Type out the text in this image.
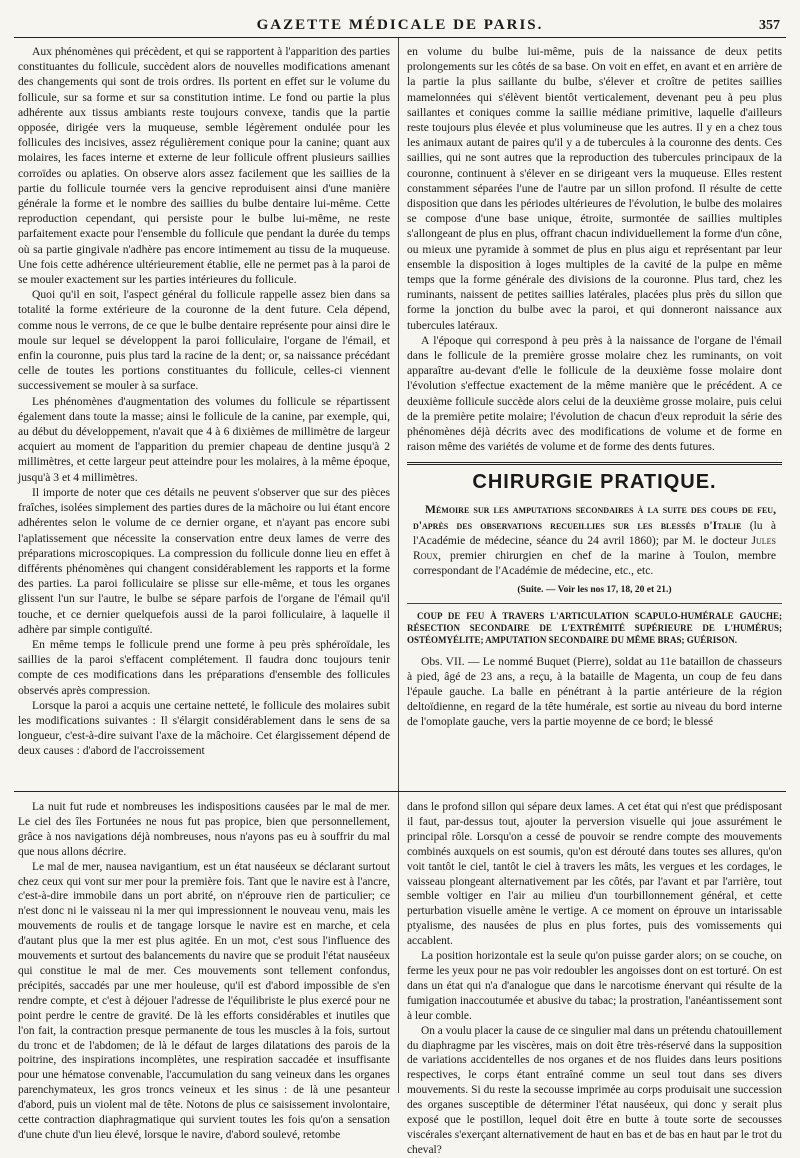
GAZETTE MÉDICALE DE PARIS.	357

Aux phénomènes qui précèdent, et qui se rapportent à l'apparition des parties constituantes du follicule, succèdent alors de nouvelles modifications amenant des changements qui sont de trois ordres. Ils portent en effet sur le volume du follicule, sur sa forme et sur sa constitution intime. Le fond ou partie la plus adhérente aux tissus ambiants reste toujours convexe, tandis que la partie opposée, dirigée vers la muqueuse, semble légèrement ondulée pour les follicules des incisives, assez régulièrement conique pour la canine; quant aux molaires, les faces interne et externe de leur follicule offrent plusieurs saillies corroïdes ou aplaties. On observe alors assez facilement que les saillies de la partie du follicule tournée vers la gencive reproduisent ainsi d'une manière générale la forme et le nombre des saillies du bulbe dentaire lui-même. Cette reproduction cependant, qui persiste pour le bulbe lui-même, ne reste parfaitement exacte pour l'ensemble du follicule que pendant la durée du temps où sa partie gingivale n'adhère pas encore intimement au tissu de la muqueuse. Une fois cette adhérence ultérieurement établie, elle ne permet pas à la paroi de se mouler exactement sur les parties intérieures du follicule.

Quoi qu'il en soit, l'aspect général du follicule rappelle assez bien dans sa totalité la forme extérieure de la couronne de la dent future. Cela dépend, comme nous le verrons, de ce que le bulbe dentaire représente pour ainsi dire le moule sur lequel se développent la paroi folliculaire, l'organe de l'émail, et enfin la couronne, puis plus tard la racine de la dent; or, sa naissance précédant celle de toutes les portions constituantes du follicule, celles-ci viennent successivement se mouler à sa surface.

Les phénomènes d'augmentation des volumes du follicule se répartissent également dans toute la masse; ainsi le follicule de la canine, par exemple, qui, au début du développement, n'avait que 4 à 6 dixièmes de millimètre de largeur acquiert au moment de l'apparition du premier chapeau de dentine jusqu'à 2 millimètres, et cette largeur peut atteindre pour les molaires, à la même époque, jusqu'à 3 et 4 millimètres.

Il importe de noter que ces détails ne peuvent s'observer que sur des pièces fraîches, isolées simplement des parties dures de la mâchoire ou lui étant encore adhérentes selon le volume de ce dernier organe, et n'ayant pas encore subi l'aplatissement que nécessite la conservation entre deux lames de verre des préparations microscopiques. La compression du follicule donne lieu en effet à différents phénomènes qui changent considérablement les rapports et la forme des parties. La paroi folliculaire se plisse sur elle-même, et tous les organes glissent l'un sur l'autre, le bulbe se sépare parfois de l'organe de l'émail qu'il touche, et ce dernier quelquefois aussi de la paroi folliculaire, à laquelle il adhère par simple contiguïté.

En même temps le follicule prend une forme à peu près sphéroïdale, les saillies de la paroi s'effacent complétement. Il faudra donc toujours tenir compte de ces modifications dans les préparations d'ensemble des follicules observés après compression.

Lorsque la paroi a acquis une certaine netteté, le follicule des molaires subit les modifications suivantes : Il s'élargit considérablement dans le sens de sa longueur, c'est-à-dire suivant l'axe de la mâchoire. Cet élargissement dépend de deux causes : d'abord de l'accroissement

en volume du bulbe lui-même, puis de la naissance de deux petits prolongements sur les côtés de sa base. On voit en effet, en avant et en arrière de la partie la plus saillante du bulbe, s'élever et croître de petites saillies mamelonnées qui s'élèvent bientôt verticalement, devenant peu à peu plus saillantes et coniques comme la saillie médiane primitive, laquelle d'ailleurs reste toujours plus élevée et plus volumineuse que les autres. Il y en a chez tous les animaux autant de paires qu'il y a de tubercules à la couronne des dents. Ces saillies, qui ne sont autres que la reproduction des tubercules principaux de la couronne, continuent à s'élever en se dirigeant vers la muqueuse. Elles restent constamment séparées l'une de l'autre par un sillon profond. Il résulte de cette disposition que dans les périodes ultérieures de l'évolution, le bulbe des molaires se compose d'une base unique, étroite, surmontée de saillies multiples s'allongeant de plus en plus, offrant chacun individuellement la forme d'un cône, ou mieux une pyramide à sommet de plus en plus aigu et représentant par leur ensemble la disposition à loges multiples de la cavité de la pulpe en même temps que la forme générale des divisions de la couronne. Plus tard, chez les ruminants, naissent de petites saillies latérales, placées plus près du sillon que forme la jonction du bulbe avec la paroi, et qui donneront naissance aux tubercules latéraux.

A l'époque qui correspond à peu près à la naissance de l'organe de l'émail dans le follicule de la première grosse molaire chez les ruminants, on voit apparaître au-devant d'elle le follicule de la deuxième fosse molaire dont l'évolution s'effectue exactement de la même manière que le précédent. A ce deuxième follicule succède alors celui de la deuxième grosse molaire, puis celui de la première petite molaire; l'évolution de chacun d'eux reproduit la série des phénomènes déjà décrits avec des modifications de volume et de forme en raison même des variétés de volume et de forme des dents futures.

CHIRURGIE PRATIQUE.
Mémoire sur les amputations secondaires à la suite des coups de feu, d'après des observations recueillies sur les blessés d'Italie (lu à l'Académie de médecine, séance du 24 avril 1860); par M. le docteur Jules Roux, premier chirurgien en chef de la marine à Toulon, membre correspondant de l'Académie de médecine, etc., etc.
(Suite. — Voir les nos 17, 18, 20 et 21.)
COUP DE FEU À TRAVERS L'ARTICULATION SCAPULO-HUMÉRALE GAUCHE; RÉSECTION SECONDAIRE DE L'EXTRÉMITÉ SUPÉRIEURE DE L'HUMÉRUS; OSTÉOMYÉLITE; AMPUTATION SECONDAIRE DU MÊME BRAS; GUÉRISON.

Obs. VII. — Le nommé Buquet (Pierre), soldat au 11e bataillon de chasseurs à pied, âgé de 23 ans, a reçu, à la bataille de Magenta, un coup de feu dans l'épaule gauche. La balle en pénétrant à la partie antérieure de la région deltoïdienne, en regard de la tête humérale, est sortie au niveau du bord interne de l'omoplate gauche, vers la partie moyenne de ce bord; le blessé

La nuit fut rude et nombreuses les indispositions causées par le mal de mer. Le ciel des îles Fortunées ne nous fut pas propice, bien que personnellement, grâce à nos navigations déjà nombreuses, nous n'ayons pas eu à souffrir du mal que nous allons décrire.

Le mal de mer, nausea navigantium, est un état nauséeux se déclarant surtout chez ceux qui vont sur mer pour la première fois. Tant que le navire est à l'ancre, c'est-à-dire immobile dans un port abrité, on n'éprouve rien de particulier; ce n'est donc ni le vaisseau ni la mer qui impressionnent le nouveau venu, mais les mouvements de roulis et de tangage lorsque le navire est en marche, et cela d'autant plus que la mer est plus agitée. En un mot, c'est sous l'influence des mouvements et surtout des balancements du navire que se produit l'état nauséeux qui constitue le mal de mer. Ces mouvements sont tellement confondus, précipités, saccadés par une mer houleuse, qu'il est d'abord impossible de s'en rendre compte, et c'est à déjouer l'adresse de l'équilibriste le plus exercé pour ne point perdre le centre de gravité. De là les efforts considérables et inutiles que l'on fait, la contraction presque permanente de tous les muscles à la fois, surtout du tronc et de l'abdomen; de là le défaut de larges dilatations des parois de la poitrine, des inspirations incomplètes, une respiration saccadée et insuffisante pour une hématose convenable, l'accumulation du sang veineux dans les organes parenchymateux, les gros troncs veineux et les sinus : de là une pesanteur d'abord, puis un violent mal de tête. Notons de plus ce saisissement involontaire, cette contraction diaphragmatique qui survient toutes les fois qu'on a sensation d'une chute d'un lieu élevé, lorsque le navire, d'abord soulevé, retombe

dans le profond sillon qui sépare deux lames. A cet état qui n'est que prédisposant il faut, par-dessus tout, ajouter la perversion visuelle qui joue assurément le principal rôle. Lorsqu'on a cessé de pouvoir se rendre compte des mouvements combinés auxquels on est soumis, qu'on est dérouté dans toutes ses allures, qu'on voit tantôt le ciel, tantôt le ciel à travers les mâts, les vergues et les cordages, le vaisseau plongeant alternativement par les côtés, par l'avant et par l'arrière, tout semble voltiger en l'air au milieu d'un tourbillonnement général, et cette perturbation visuelle amène le vertige. A ce moment on éprouve un intarissable ptyalisme, des nausées de plus en plus fortes, puis des vomissements qui accablent.

La position horizontale est la seule qu'on puisse garder alors; on se couche, on ferme les yeux pour ne pas voir redoubler les angoisses dont on est torturé. On est dans un état qui n'a d'analogue que dans le narcotisme énervant qui résulte de la fumigation inaccoutumée et abusive du tabac; la prostration, l'anéantissement sont à leur comble.

On a voulu placer la cause de ce singulier mal dans un prétendu chatouillement du diaphragme par les viscères, mais on doit être très-réservé dans la supposition de variations accidentelles de nos organes et de nos fluides dans leurs positions respectives, le corps étant entraîné comme un seul tout dans ses divers mouvements. Si du reste la secousse imprimée au corps produisait une succession des organes susceptible de déterminer l'état nauséeux, qui donc y serait plus exposé que le postillon, lequel doit être en butte à toute sorte de secousses viscérales s'exerçant alternativement de haut en bas et de bas en haut par le trot du cheval?
